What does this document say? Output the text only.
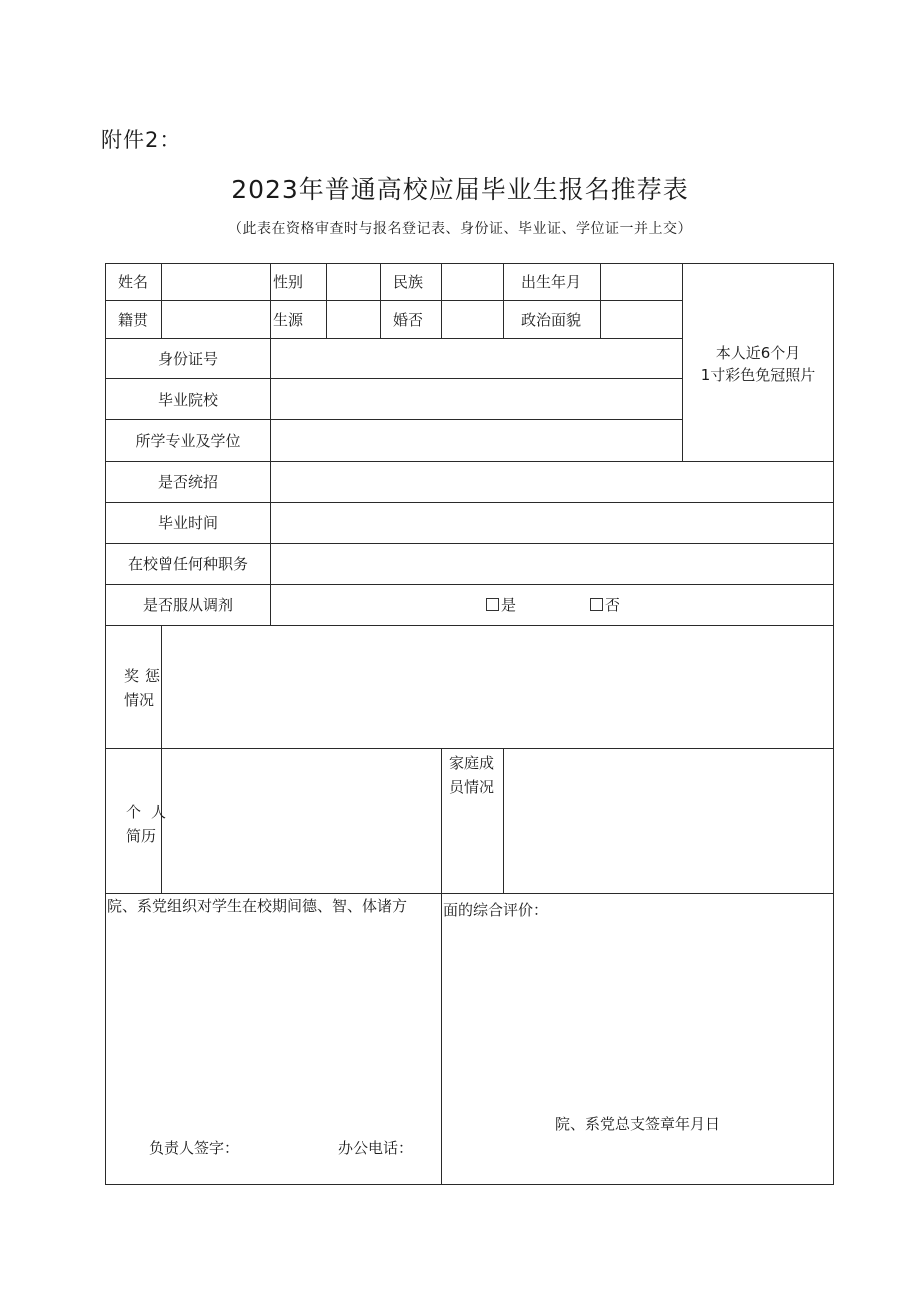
附件2：
2023年普通高校应届毕业生报名推荐表
（此表在资格审查时与报名登记表、身份证、毕业证、学位证一并上交）
姓名	性别	民族	出生年月
籍贯	生源	婚否	政治面貌
本人近6个月
1寸彩色免冠照片
身份证号
毕业院校
所学专业及学位
是否统招
毕业时间
在校曾任何种职务
是否服从调剂	是	否
奖惩
情况
个人
简历
家庭成
员情况
院、系党组织对学生在校期间德、智、体诸方 面的综合评价：
负责人签字：	办公电话：
院、系党总支签章年月日
